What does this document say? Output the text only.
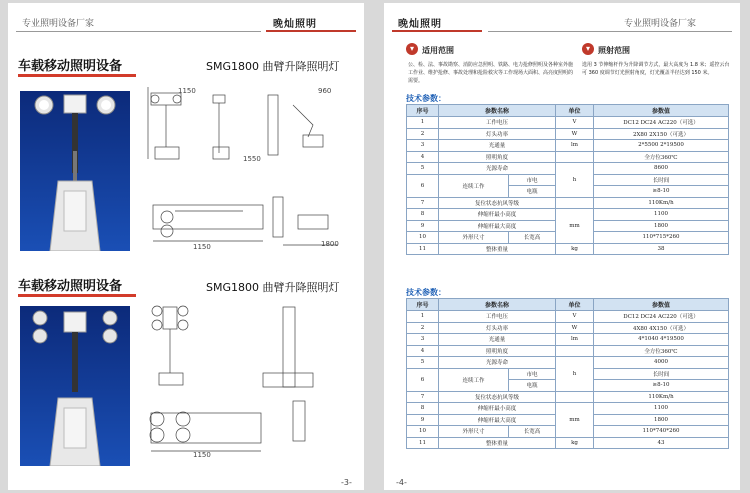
专业照明设备厂家	晚灿照明
车载移动照明设备	SMG1800 曲臂升降照明灯
1150	960
1550
1800
1150
车载移动照明设备	SMG1800 曲臂升降照明灯
1150
-3-
晚灿照明	专业照明设备厂家
▾	适用范围	▾	照射范围
公、检、法、事故勘察、消防应急照明、铁路、电力抢修照明及各种室外施工作业、维护抢修、事故处理和抢险救灾等工作现场大面积、高亮度照明的需要。
选用 3 节伸缩杆作为升降调节方式，最大高度为 1.8 米；遥控云台可 360 度调节灯光照射角度，灯光覆盖半径达到 150 米。
技术参数：
序号	参数名称		单位	参数值
1	工作电压		V	DC12 DC24 AC220（可选）
2	灯头功率		W	2X80 2X150（可选）
3	光通量		lm	2*5500 2*19500
4	照明角度			全方位360℃
5	光源寿命		h	8600
6	连续工作	市电		长时间
		电瓶		≥8-10
7	复位状态抗风等级			110Km/h
8	伸缩杆最小高度		mm	1100
9	伸缩杆最大高度			1800
10	外形尺寸	长宽高		110*715*260
11	整体重量		kg	38
技术参数：
序号	参数名称		单位	参数值
1	工作电压		V	DC12 DC24 AC220（可选）
2	灯头功率		W	4X80 4X150（可选）
3	光通量		lm	4*1040 4*19500
4	照明角度			全方位360℃
5	光源寿命		h	4000
6	连续工作	市电		长时间
		电瓶		≥8-10
7	复位状态抗风等级			110Km/h
8	伸缩杆最小高度		mm	1100
9	伸缩杆最大高度			1800
10	外形尺寸	长宽高		110*740*260
11	整体重量		kg	43
-4-
